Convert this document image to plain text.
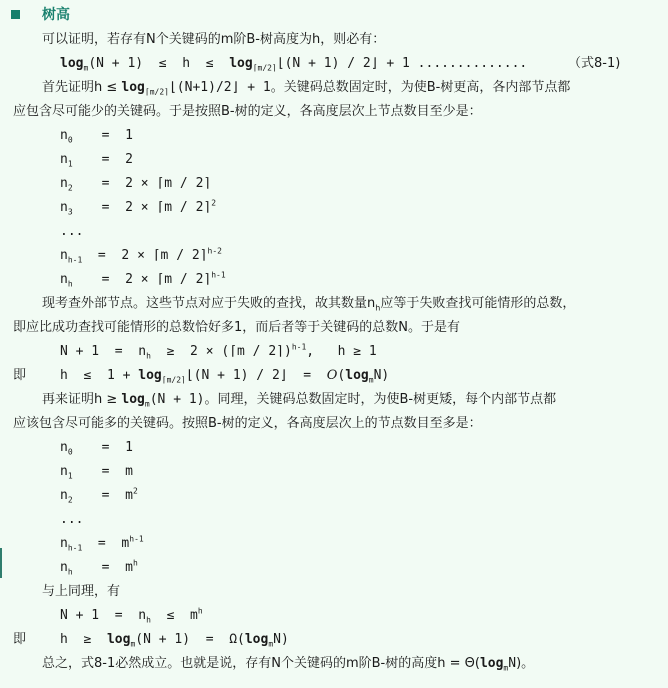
树高
可以证明，若存有N个关键码的m阶B-树高度为h，则必有：
$\log_m(N + 1) \le h$  ≤  $\log_{⌈m/2⌉}⌊(N + 1)$ / 2⌋ + 1 ..............	（式8-1)
首先证明$h \le \log_{⌈m/2⌉}⌊(N+1)/2⌋ + 1$。关键码总数固定时，为使B-树更高，各内部节点都
应包含尽可能少的关键码。于是按照B-树的定义，各高度层次上节点数目至少是：
$n_0 = 1$
$n_1 = 2$
$n_2 = 2$ × ⌈m / 2⌉
$n_3 = 2$ × ⌈m / 2⌉$^2$
...
$n_{h-1} = 2$ × ⌈m / 2⌉$^{h-2}$
$n_h = 2$ × ⌈m / 2⌉$^{h-1}$
现考查外部节点。这些节点对应于失败的查找，故其数量$n_h$应等于失败查找可能情形的总数，
即应比成功查找可能情形的总数恰好多1，而后者等于关键码的总数N。于是有
$N + 1 = n_h \ge 2$ × (⌈m / 2⌉)$^{h-1}$,   h ≥ 1
即	$h \le 1 + \log_{⌈m/2⌉}⌊(N + 1)$ / 2⌋  =  $O(\log_mN)$
再来证明$h \ge \log_m(N + 1)$。同理，关键码总数固定时，为使B-树更矮，每个内部节点都
应该包含尽可能多的关键码。按照B-树的定义，各高度层次上的节点数目至多是：
$n_0 = 1$
$n_1 = m$
$n_2 = m^2$
...
$n_{h-1} = m^{h-1}$
$n_h = m^h$
与上同理，有
$N + 1 = n_h \le m^h$
即	$h \ge \log_m(N + 1) = \Omega(\log_mN)$
总之，式8-1必然成立。也就是说，存有N个关键码的m阶B-树的高度$h = \Theta(\log_mN)$。
